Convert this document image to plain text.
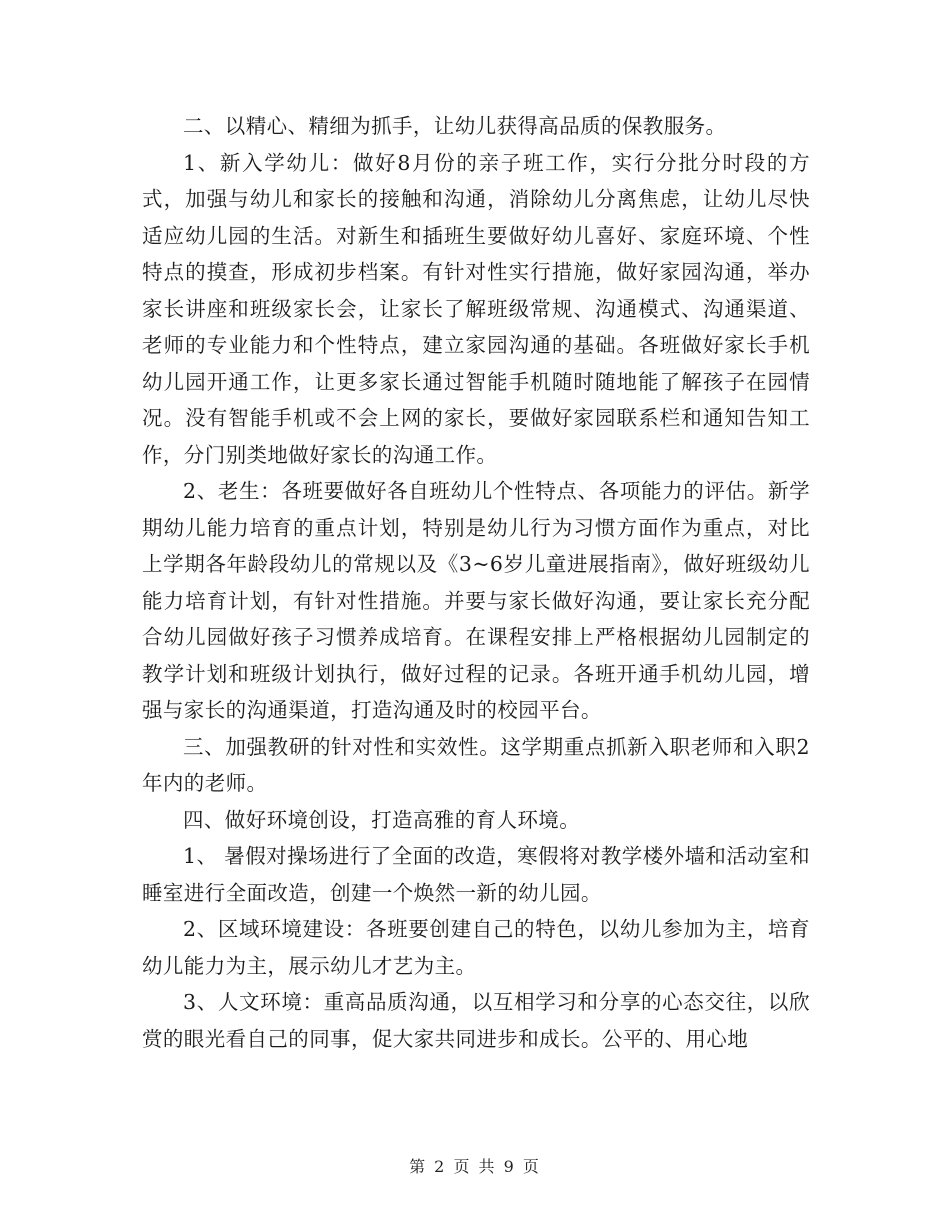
二、以精心、精细为抓手，让幼儿获得高品质的保教服务。

1、新入学幼儿：做好8月份的亲子班工作，实行分批分时段的方式，加强与幼儿和家长的接触和沟通，消除幼儿分离焦虑，让幼儿尽快适应幼儿园的生活。对新生和插班生要做好幼儿喜好、家庭环境、个性特点的摸查，形成初步档案。有针对性实行措施，做好家园沟通，举办家长讲座和班级家长会，让家长了解班级常规、沟通模式、沟通渠道、老师的专业能力和个性特点，建立家园沟通的基础。各班做好家长手机幼儿园开通工作，让更多家长通过智能手机随时随地能了解孩子在园情况。没有智能手机或不会上网的家长，要做好家园联系栏和通知告知工作，分门别类地做好家长的沟通工作。

2、老生：各班要做好各自班幼儿个性特点、各项能力的评估。新学期幼儿能力培育的重点计划，特别是幼儿行为习惯方面作为重点，对比上学期各年龄段幼儿的常规以及《3~6岁儿童进展指南》，做好班级幼儿能力培育计划，有针对性措施。并要与家长做好沟通，要让家长充分配合幼儿园做好孩子习惯养成培育。在课程安排上严格根据幼儿园制定的教学计划和班级计划执行，做好过程的记录。各班开通手机幼儿园，增强与家长的沟通渠道，打造沟通及时的校园平台。

三、加强教研的针对性和实效性。这学期重点抓新入职老师和入职2年内的老师。

四、做好环境创设，打造高雅的育人环境。

1、 暑假对操场进行了全面的改造，寒假将对教学楼外墙和活动室和睡室进行全面改造，创建一个焕然一新的幼儿园。

2、区域环境建设：各班要创建自己的特色，以幼儿参加为主，培育幼儿能力为主，展示幼儿才艺为主。

3、人文环境：重高品质沟通，以互相学习和分享的心态交往，以欣赏的眼光看自己的同事，促大家共同进步和成长。公平的、用心地

第 2 页 共 9 页
